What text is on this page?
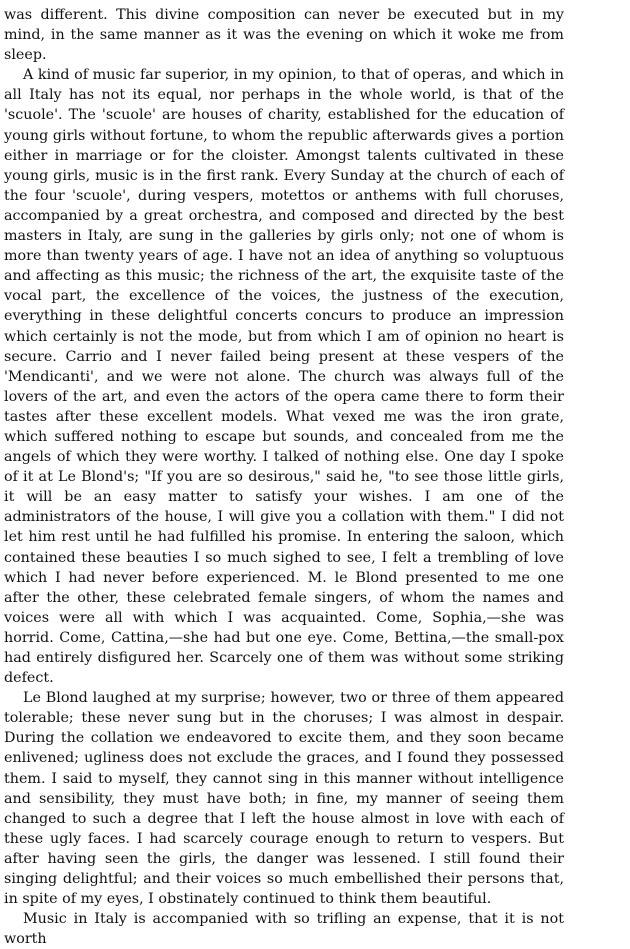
was different. This divine composition can never be executed but in my mind, in the same manner as it was the evening on which it woke me from sleep.

A kind of music far superior, in my opinion, to that of operas, and which in all Italy has not its equal, nor perhaps in the whole world, is that of the 'scuole'. The 'scuole' are houses of charity, established for the education of young girls without fortune, to whom the republic afterwards gives a portion either in marriage or for the cloister. Amongst talents cultivated in these young girls, music is in the first rank. Every Sunday at the church of each of the four 'scuole', during vespers, motettos or anthems with full choruses, accompanied by a great orchestra, and composed and directed by the best masters in Italy, are sung in the galleries by girls only; not one of whom is more than twenty years of age. I have not an idea of anything so voluptuous and affecting as this music; the richness of the art, the exquisite taste of the vocal part, the excellence of the voices, the justness of the execution, everything in these delightful concerts concurs to produce an impression which certainly is not the mode, but from which I am of opinion no heart is secure. Carrio and I never failed being present at these vespers of the 'Mendicanti', and we were not alone. The church was always full of the lovers of the art, and even the actors of the opera came there to form their tastes after these excellent models. What vexed me was the iron grate, which suffered nothing to escape but sounds, and concealed from me the angels of which they were worthy. I talked of nothing else. One day I spoke of it at Le Blond's; "If you are so desirous," said he, "to see those little girls, it will be an easy matter to satisfy your wishes. I am one of the administrators of the house, I will give you a collation with them." I did not let him rest until he had fulfilled his promise. In entering the saloon, which contained these beauties I so much sighed to see, I felt a trembling of love which I had never before experienced. M. le Blond presented to me one after the other, these celebrated female singers, of whom the names and voices were all with which I was acquainted. Come, Sophia,—she was horrid. Come, Cattina,—she had but one eye. Come, Bettina,—the small-pox had entirely disfigured her. Scarcely one of them was without some striking defect.

Le Blond laughed at my surprise; however, two or three of them appeared tolerable; these never sung but in the choruses; I was almost in despair. During the collation we endeavored to excite them, and they soon became enlivened; ugliness does not exclude the graces, and I found they possessed them. I said to myself, they cannot sing in this manner without intelligence and sensibility, they must have both; in fine, my manner of seeing them changed to such a degree that I left the house almost in love with each of these ugly faces. I had scarcely courage enough to return to vespers. But after having seen the girls, the danger was lessened. I still found their singing delightful; and their voices so much embellished their persons that, in spite of my eyes, I obstinately continued to think them beautiful.

Music in Italy is accompanied with so trifling an expense, that it is not worth
